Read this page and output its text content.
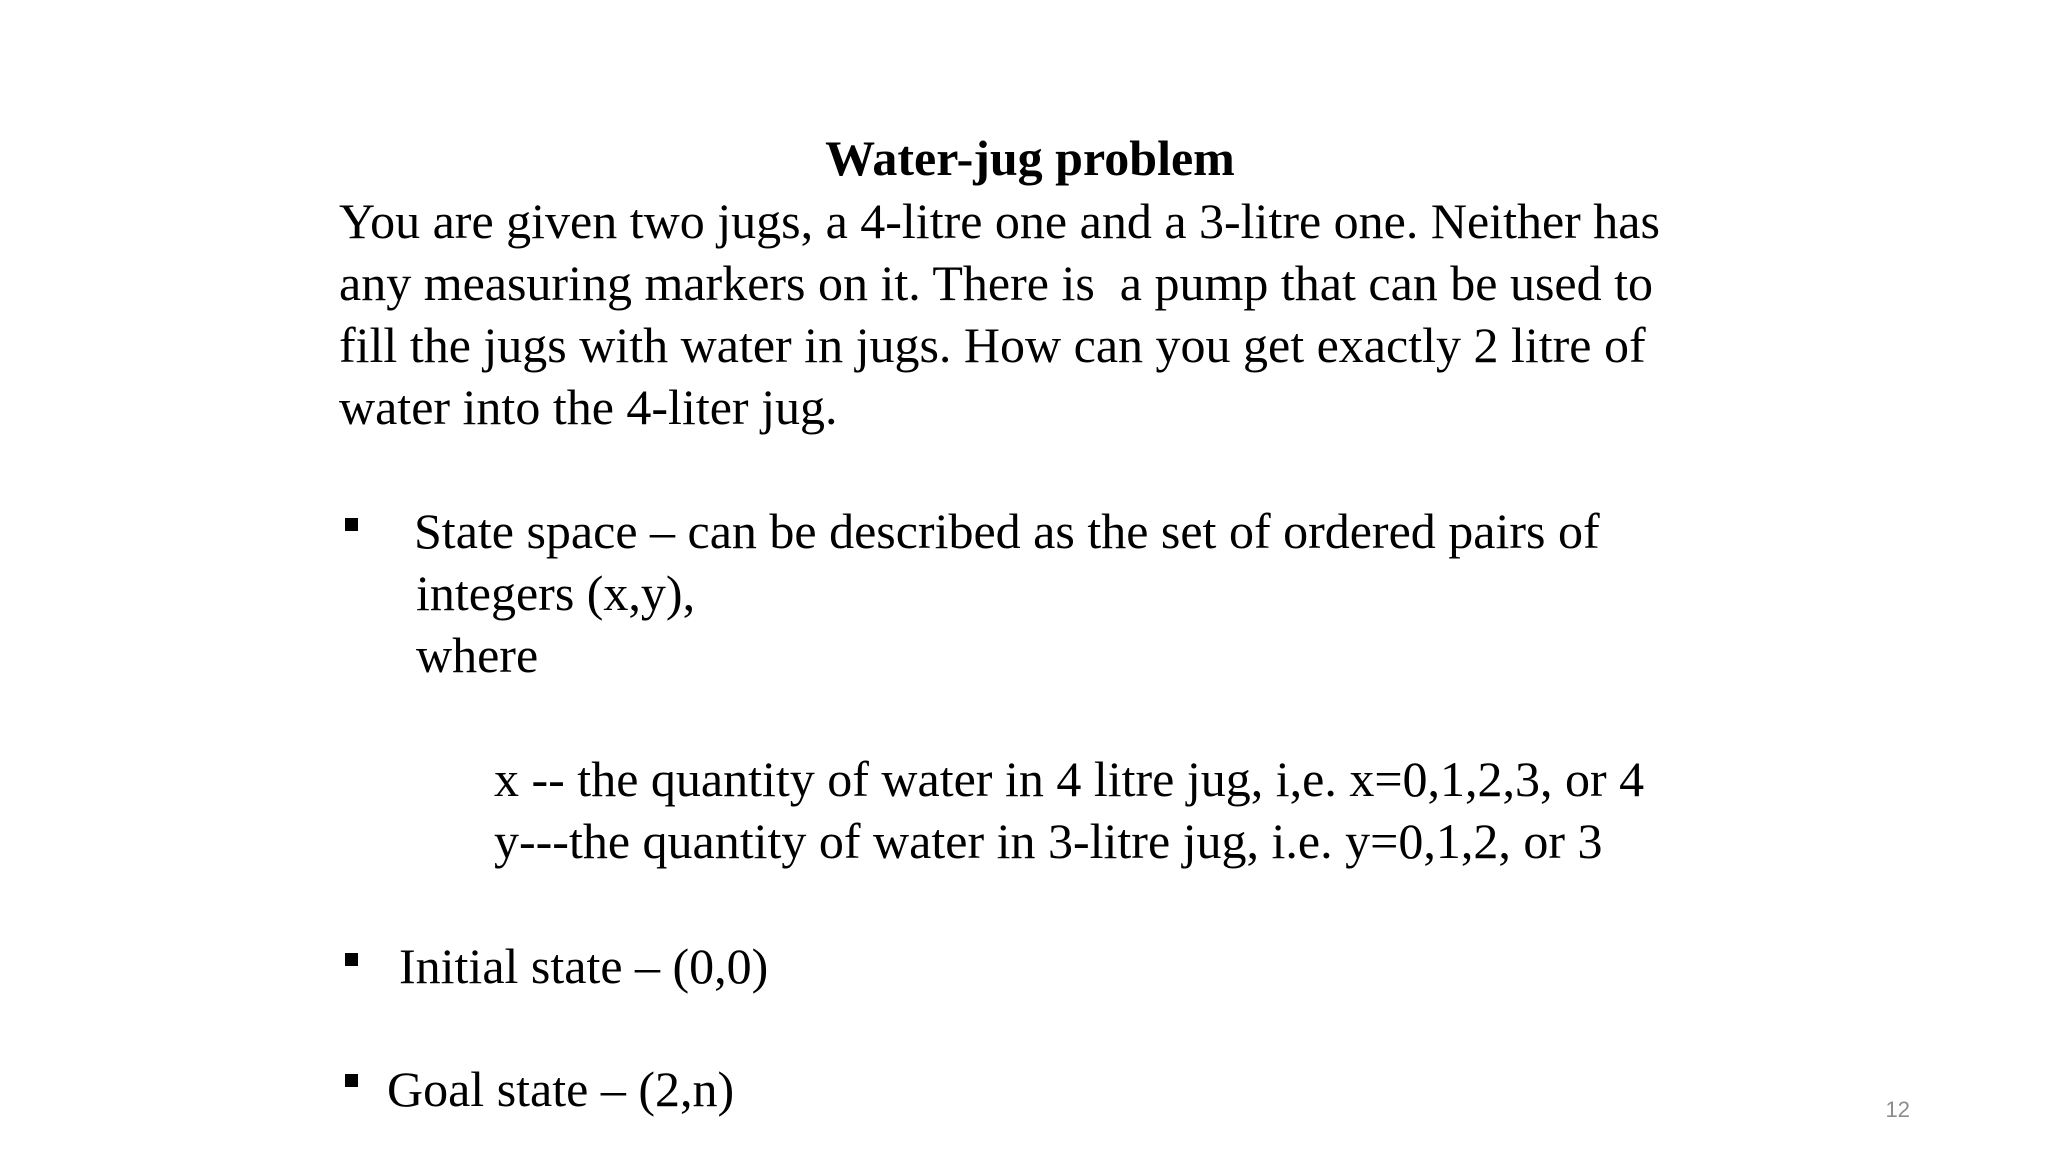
Water-jug problem
You are given two jugs, a 4-litre one and a 3-litre one. Neither has
any measuring markers on it. There is  a pump that can be used to
fill the jugs with water in jugs. How can you get exactly 2 litre of
water into the 4-liter jug.
State space – can be described as the set of ordered pairs of
integers (x,y),
where
x -- the quantity of water in 4 litre jug, i,e. x=0,1,2,3, or 4
y---the quantity of water in 3-litre jug, i.e. y=0,1,2, or 3
Initial state – (0,0)
Goal state – (2,n)	12
